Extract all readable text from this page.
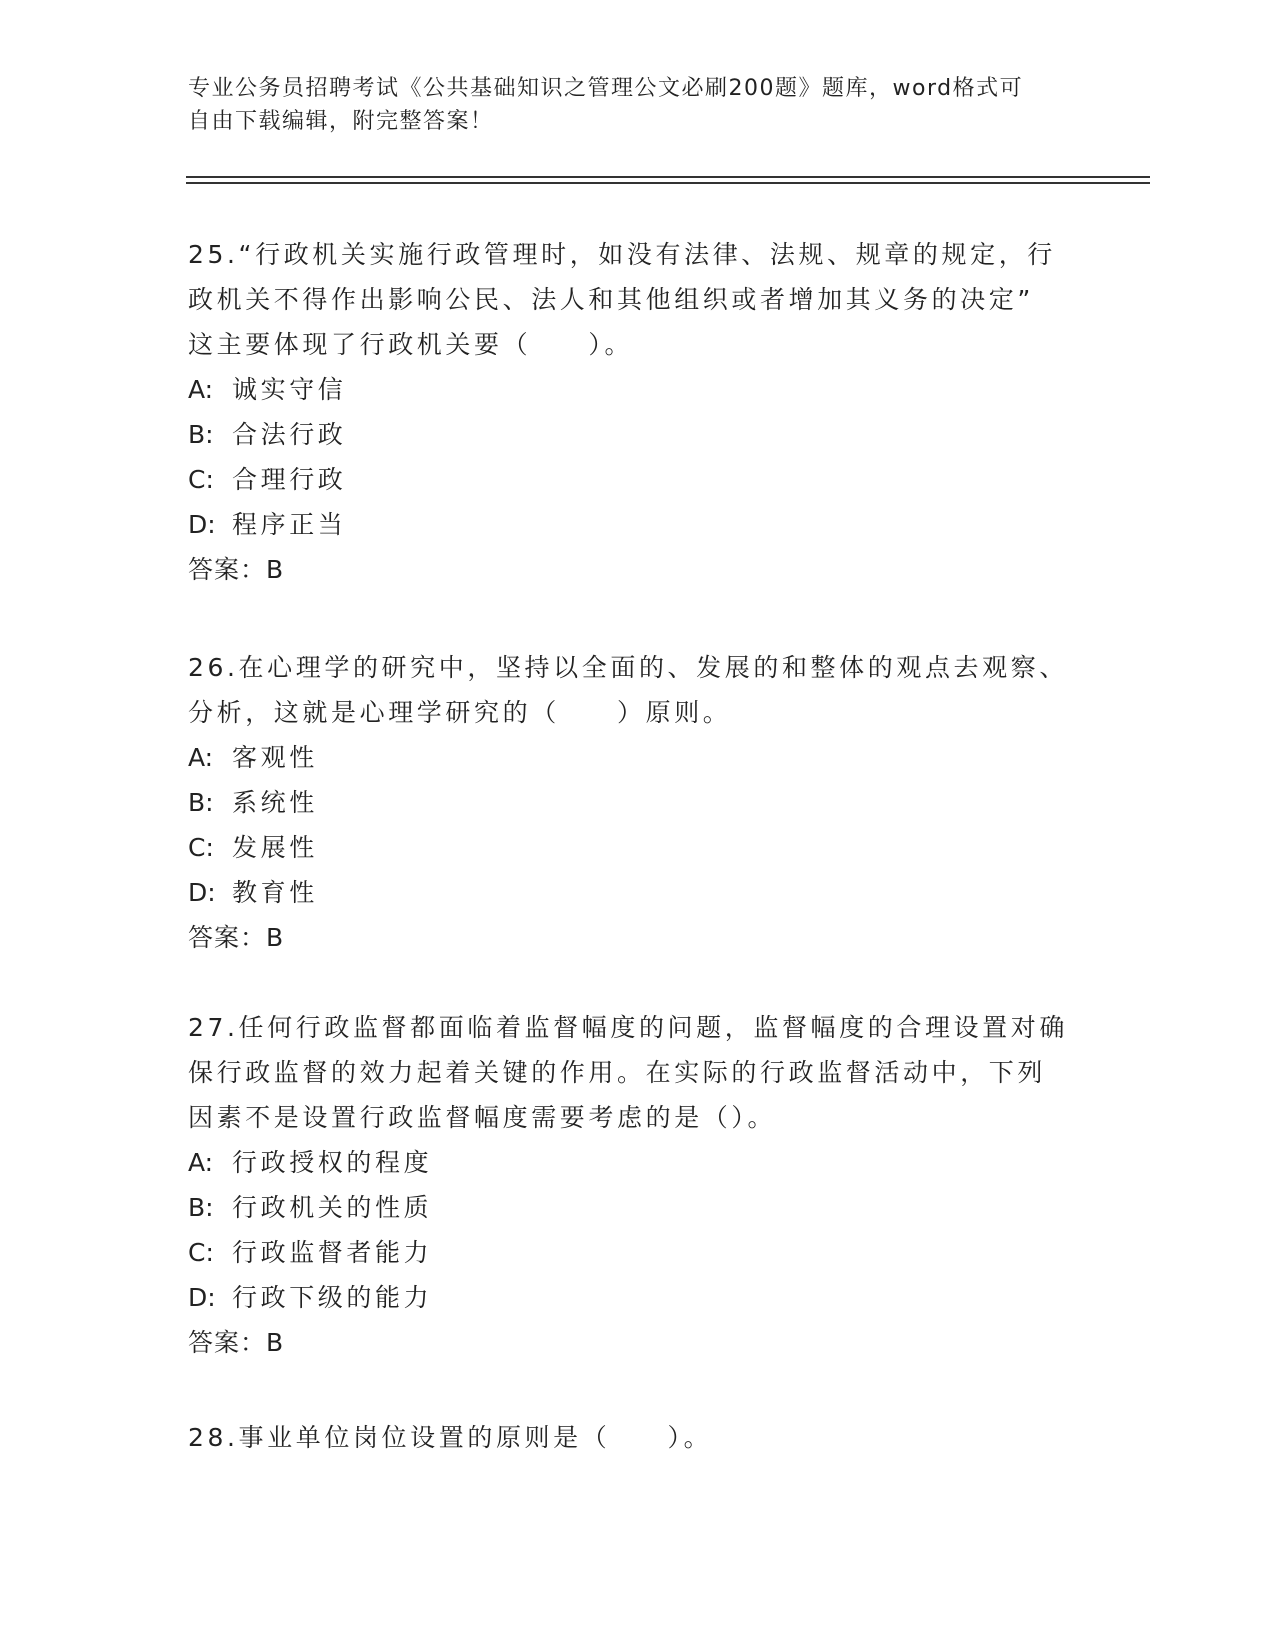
专业公务员招聘考试《公共基础知识之管理公文必刷200题》题库，word格式可
自由下载编辑，附完整答案！
25.“行政机关实施行政管理时，如没有法律、法规、规章的规定，行
政机关不得作出影响公民、法人和其他组织或者增加其义务的决定”
这主要体现了行政机关要（　　）。
A: 诚实守信
B: 合法行政
C: 合理行政
D: 程序正当
答案：B
26.在心理学的研究中，坚持以全面的、发展的和整体的观点去观察、
分析，这就是心理学研究的（　　）原则。
A: 客观性
B: 系统性
C: 发展性
D: 教育性
答案：B
27.任何行政监督都面临着监督幅度的问题，监督幅度的合理设置对确
保行政监督的效力起着关键的作用。在实际的行政监督活动中，下列
因素不是设置行政监督幅度需要考虑的是（）。
A: 行政授权的程度
B: 行政机关的性质
C: 行政监督者能力
D: 行政下级的能力
答案：B
28.事业单位岗位设置的原则是（　　）。
